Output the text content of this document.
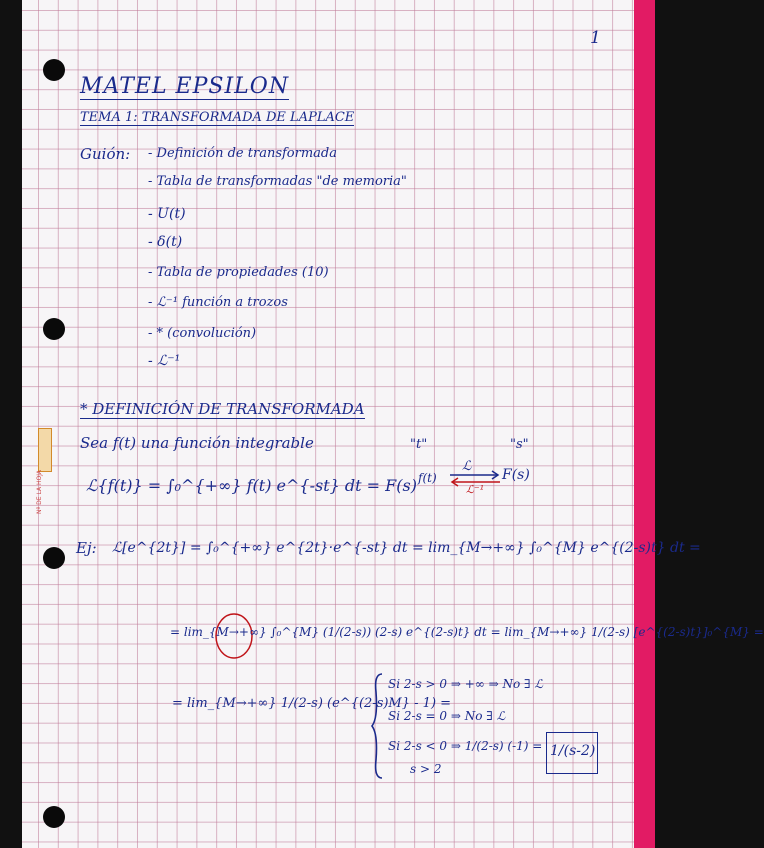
Nº DE LA HOJA
1
MATEL EPSILON
TEMA 1: TRANSFORMADA DE LAPLACE
Guión: - Definición de transformada
- Tabla de transformadas "de memoria"
- U(t)
- δ(t)
- Tabla de propiedades (10)
- ℒ⁻¹ función a trozos
- * (convolución)
- ℒ⁻¹
* DEFINICIÓN DE TRANSFORMADA
Sea f(t) una función integrable	"t"	"s"
f(t)
ℒ
ℒ⁻¹
F(s)
ℒ{f(t)} = ∫₀^{+∞} f(t) e^{-st} dt = F(s)
Ej: ℒ[e^{2t}] = ∫₀^{+∞} e^{2t}·e^{-st} dt = lim_{M→+∞} ∫₀^{M} e^{(2-s)t} dt =
= lim_{M→+∞} ∫₀^{M} (1/(2-s)) (2-s) e^{(2-s)t} dt = lim_{M→+∞} 1/(2-s) [e^{(2-s)t}]₀^{M} =
= lim_{M→+∞} 1/(2-s) (e^{(2-s)M} - 1) =
Si 2-s > 0 ⇒ +∞ ⇒ No ∃ ℒ
Si 2-s = 0 ⇒ No ∃ ℒ
Si 2-s < 0 ⇒ 1/(2-s) (-1) =
s > 2
1/(s-2)
